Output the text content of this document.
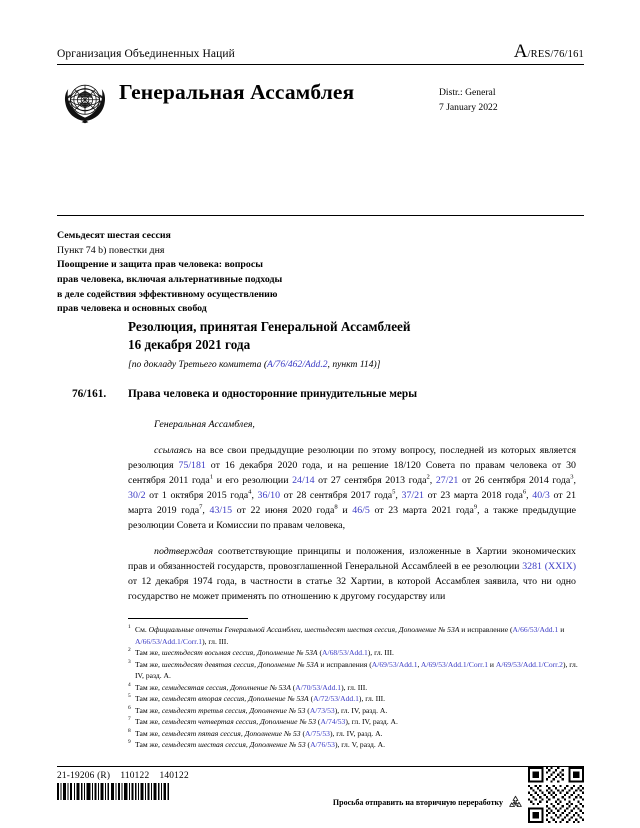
Организация Объединенных Наций	A /RES/76/161
Генеральная Ассамблея	Distr.: General
7 January 2022
Семьдесят шестая сессия
Пункт 74 b) повестки дня
Поощрение и защита прав человека: вопросы
прав человека, включая альтернативные подходы
в деле содействия эффективному осуществлению
прав человека и основных свобод
Резолюция, принятая Генеральной Ассамблеей
16 декабря 2021 года
[по докладу Третьего комитета (A/76/462/Add.2, пункт 114)]
76/161.	Права человека и односторонние принудительные меры

Генеральная Ассамблея,

ссылаясь на все свои предыдущие резолюции по этому вопросу, последней из которых является резолюция 75/181 от 16 декабря 2020 года, и на решение 18/120 Совета по правам человека от 30 сентября 2011 года$^1$ и его резолюции 24/14 от 27 сентября 2013 года$^2$, 27/21 от 26 сентября 2014 года$^3$, 30/2 от 1 октября 2015 года$^4$, 36/10 от 28 сентября 2017 года$^5$, 37/21 от 23 марта 2018 года$^6$, 40/3 от 21 марта 2019 года$^7$, 43/15 от 22 июня 2020 года$^8$ и 46/5 от 23 марта 2021 года$^9$, а также предыдущие резолюции Совета и Комиссии по правам человека,

подтверждая соответствующие принципы и положения, изложенные в Хартии экономических прав и обязанностей государств, провозглашенной Генеральной Ассамблеей в ее резолюции 3281 (XXIX) от 12 декабря 1974 года, в частности в статье 32 Хартии, в которой Ассамблея заявила, что ни одно государство не может применять по отношению к другому государству или

1 См. Официальные отчеты Генеральной Ассамблеи, шестьдесят шестая сессия, Дополнение № 53A и исправление (A/66/53/Add.1 и A/66/53/Add.1/Corr.1), гл. III.
2 Там же, шестьдесят восьмая сессия, Дополнение № 53A (A/68/53/Add.1), гл. III.
3 Там же, шестьдесят девятая сессия, Дополнение № 53A и исправления (A/69/53/Add.1, A/69/53/Add.1/Corr.1 и A/69/53/Add.1/Corr.2), гл. IV, разд. A.
4 Там же, семидесятая сессия, Дополнение № 53A (A/70/53/Add.1), гл. III.
5 Там же, семьдесят вторая сессия, Дополнение № 53A (A/72/53/Add.1), гл. III.
6 Там же, семьдесят третья сессия, Дополнение № 53 (A/73/53), гл. IV, разд. A.
7 Там же, семьдесят четвертая сессия, Дополнение № 53 (A/74/53), гл. IV, разд. A.
8 Там же, семьдесят пятая сессия, Дополнение № 53 (A/75/53), гл. IV, разд. A.
9 Там же, семьдесят шестая сессия, Дополнение № 53 (A/76/53), гл. V, разд. A.
21-19206 (R)    110122    140122
Просьба отправить на вторичную переработку
